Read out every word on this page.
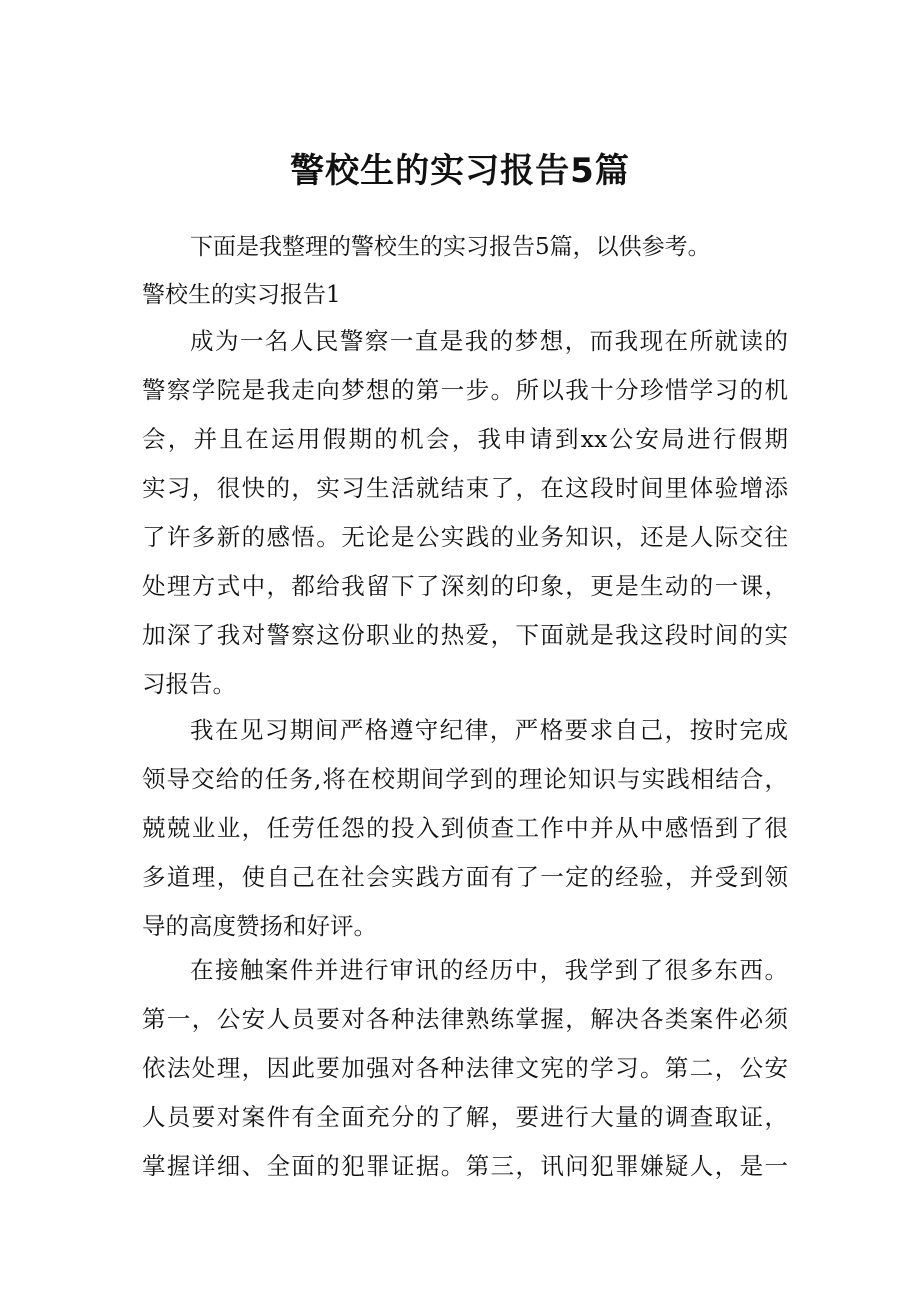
警校生的实习报告5篇

下面是我整理的警校生的实习报告5篇，以供参考。

警校生的实习报告1

成为一名人民警察一直是我的梦想，而我现在所就读的
警察学院是我走向梦想的第一步。所以我十分珍惜学习的机
会，并且在运用假期的机会，我申请到xx公安局进行假期
实习，很快的，实习生活就结束了，在这段时间里体验增添
了许多新的感悟。无论是公实践的业务知识，还是人际交往
处理方式中，都给我留下了深刻的印象，更是生动的一课，
加深了我对警察这份职业的热爱，下面就是我这段时间的实
习报告。
我在见习期间严格遵守纪律，严格要求自己，按时完成
领导交给的任务,将在校期间学到的理论知识与实践相结合，
兢兢业业，任劳任怨的投入到侦查工作中并从中感悟到了很
多道理，使自己在社会实践方面有了一定的经验，并受到领
导的高度赞扬和好评。
在接触案件并进行审讯的经历中，我学到了很多东西。
第一，公安人员要对各种法律熟练掌握，解决各类案件必须
依法处理，因此要加强对各种法律文宪的学习。第二，公安
人员要对案件有全面充分的了解，要进行大量的调查取证，
掌握详细、全面的犯罪证据。第三，讯问犯罪嫌疑人，是一
